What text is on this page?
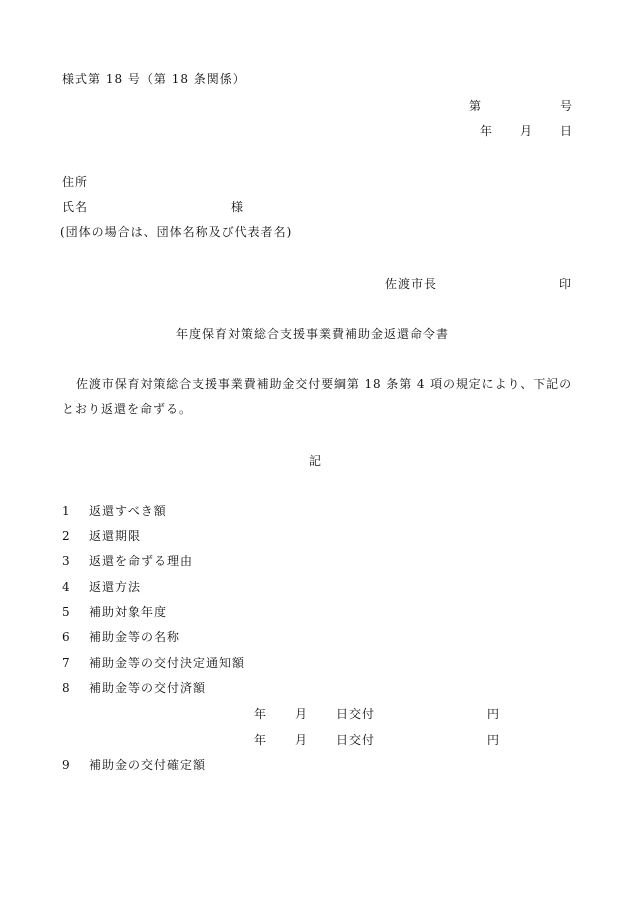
様式第 18 号（第 18 条関係）
第	号
年 月 日
住所
氏名	様
(団体の場合は、団体名称及び代表者名)
佐渡市長	印
年度保育対策総合支援事業費補助金返還命令書
佐渡市保育対策総合支援事業費補助金交付要綱第 18 条第 4 項の規定により、下記の
とおり返還を命ずる。
記
1 返還すべき額
2 返還期限
3 返還を命ずる理由
4 返還方法
5 補助対象年度
6 補助金等の名称
7 補助金等の交付決定通知額
8 補助金等の交付済額
年 月 日交付	円
年 月 日交付	円
9 補助金の交付確定額
